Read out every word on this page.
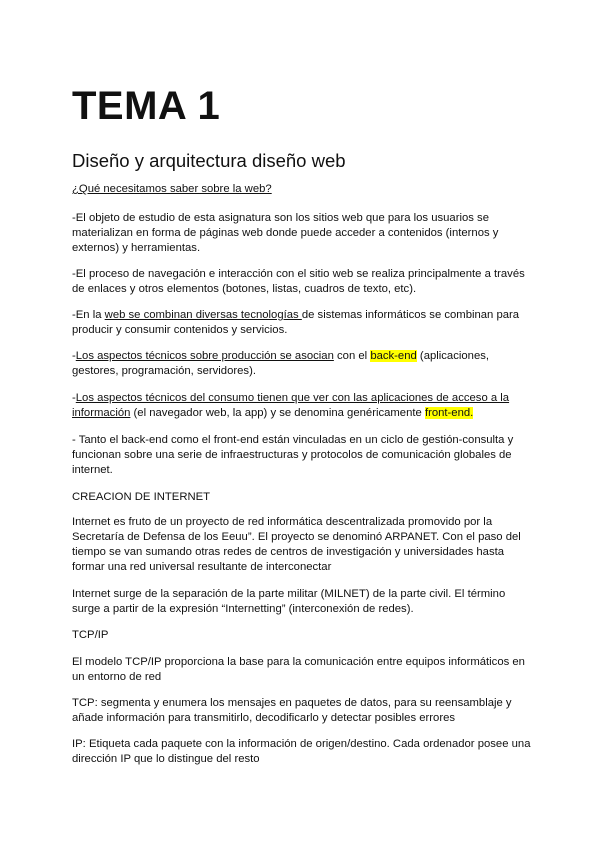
TEMA 1
Diseño y arquitectura diseño web
¿Qué necesitamos saber sobre la web?

-El objeto de estudio de esta asignatura son los sitios web que para los usuarios se materializan en forma de páginas web donde puede acceder a contenidos (internos y externos) y herramientas.

-El proceso de navegación e interacción con el sitio web se realiza principalmente a través de enlaces y otros elementos (botones, listas, cuadros de texto, etc).

-En la web se combinan diversas tecnologías de sistemas informáticos se combinan para producir y consumir contenidos y servicios.

-Los aspectos técnicos sobre producción se asocian con el back-end (aplicaciones, gestores, programación, servidores).

-Los aspectos técnicos del consumo tienen que ver con las aplicaciones de acceso a la información (el navegador web, la app) y se denomina genéricamente front-end.

- Tanto el back-end como el front-end están vinculadas en un ciclo de gestión-consulta y funcionan sobre una serie de infraestructuras y protocolos de comunicación globales de internet.

CREACION DE INTERNET

Internet es fruto de un proyecto de red informática descentralizada promovido por la Secretaría de Defensa de los Eeuu”. El proyecto se denominó ARPANET. Con el paso del tiempo se van sumando otras redes de centros de investigación y universidades hasta formar una red universal resultante de interconectar

Internet surge de la separación de la parte militar (MILNET) de la parte civil. El término surge a partir de la expresión “Internetting” (interconexión de redes).

TCP/IP

El modelo TCP/IP proporciona la base para la comunicación entre equipos informáticos en un entorno de red

TCP: segmenta y enumera los mensajes en paquetes de datos, para su reensamblaje y añade información para transmitirlo, decodificarlo y detectar posibles errores

IP: Etiqueta cada paquete con la información de origen/destino. Cada ordenador posee una dirección IP que lo distingue del resto
